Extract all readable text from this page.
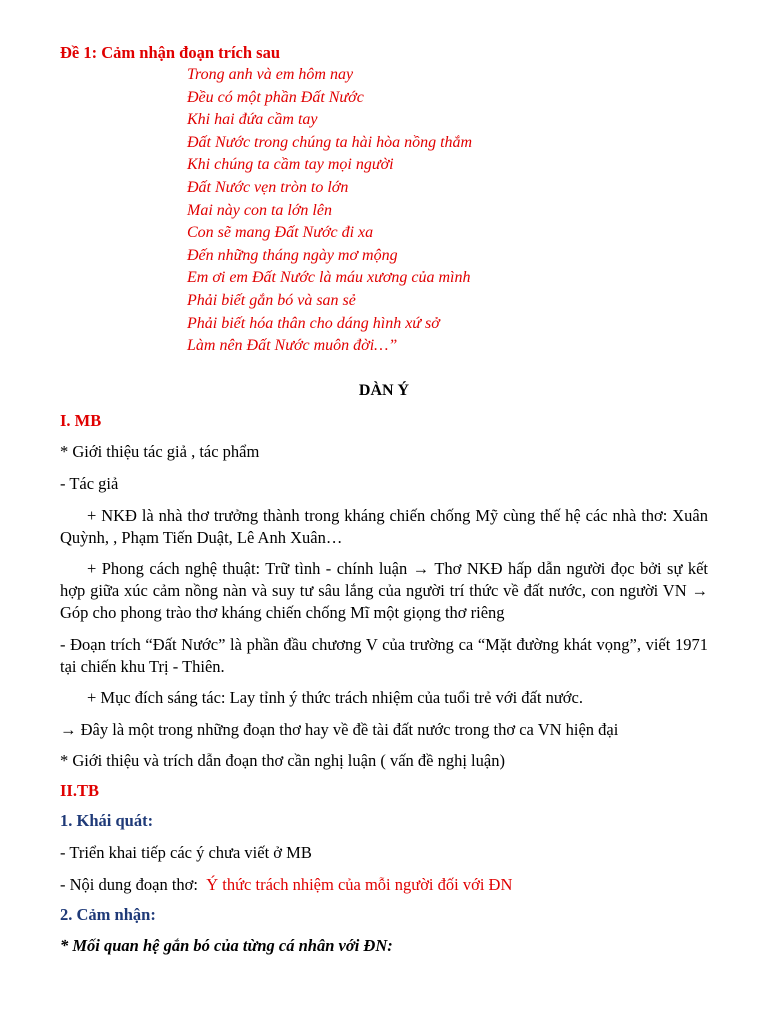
Đề 1: Cảm nhận đoạn trích sau

Trong anh và em hôm nay
Đều có một phần Đất Nước
Khi hai đứa cầm tay
Đất Nước trong chúng ta hài hòa nồng thắm
Khi chúng ta cầm tay mọi người
Đất Nước vẹn tròn to lớn
Mai này con ta lớn lên
Con sẽ mang Đất Nước đi xa
Đến những tháng ngày mơ mộng
Em ơi em Đất Nước là máu xương của mình
Phải biết gắn bó và san sẻ
Phải biết hóa thân cho dáng hình xứ sở
Làm nên Đất Nước muôn đời…”
DÀN Ý
I. MB
* Giới thiệu tác giả , tác phẩm
- Tác giả
+ NKĐ là nhà thơ trưởng thành trong kháng chiến chống Mỹ cùng thế hệ các nhà thơ: Xuân Quỳnh, , Phạm Tiến Duật, Lê Anh Xuân…
+ Phong cách nghệ thuật: Trữ tình - chính luận → Thơ NKĐ hấp dẫn người đọc bởi sự kết hợp giữa xúc cảm nồng nàn và suy tư sâu lắng của người trí thức về đất nước, con người VN → Góp cho phong trào thơ kháng chiến chống Mĩ một giọng thơ riêng
- Đoạn trích “Đất Nước” là phần đầu chương V của trường ca “Mặt đường khát vọng”, viết 1971 tại chiến khu Trị - Thiên.
+ Mục đích sáng tác: Lay tỉnh ý thức trách nhiệm của tuổi trẻ với đất nước.
→ Đây là một trong những đoạn thơ hay về đề tài đất nước trong thơ ca VN hiện đại
* Giới thiệu và trích dẫn đoạn thơ cần nghị luận ( vấn đề nghị luận)
II.TB
1. Khái quát:
- Triển khai tiếp các ý chưa viết ở MB
- Nội dung đoạn thơ: Ý thức trách nhiệm của mỗi người đối với ĐN
2. Cảm nhận:
* Mối quan hệ gắn bó của từng cá nhân với ĐN:
